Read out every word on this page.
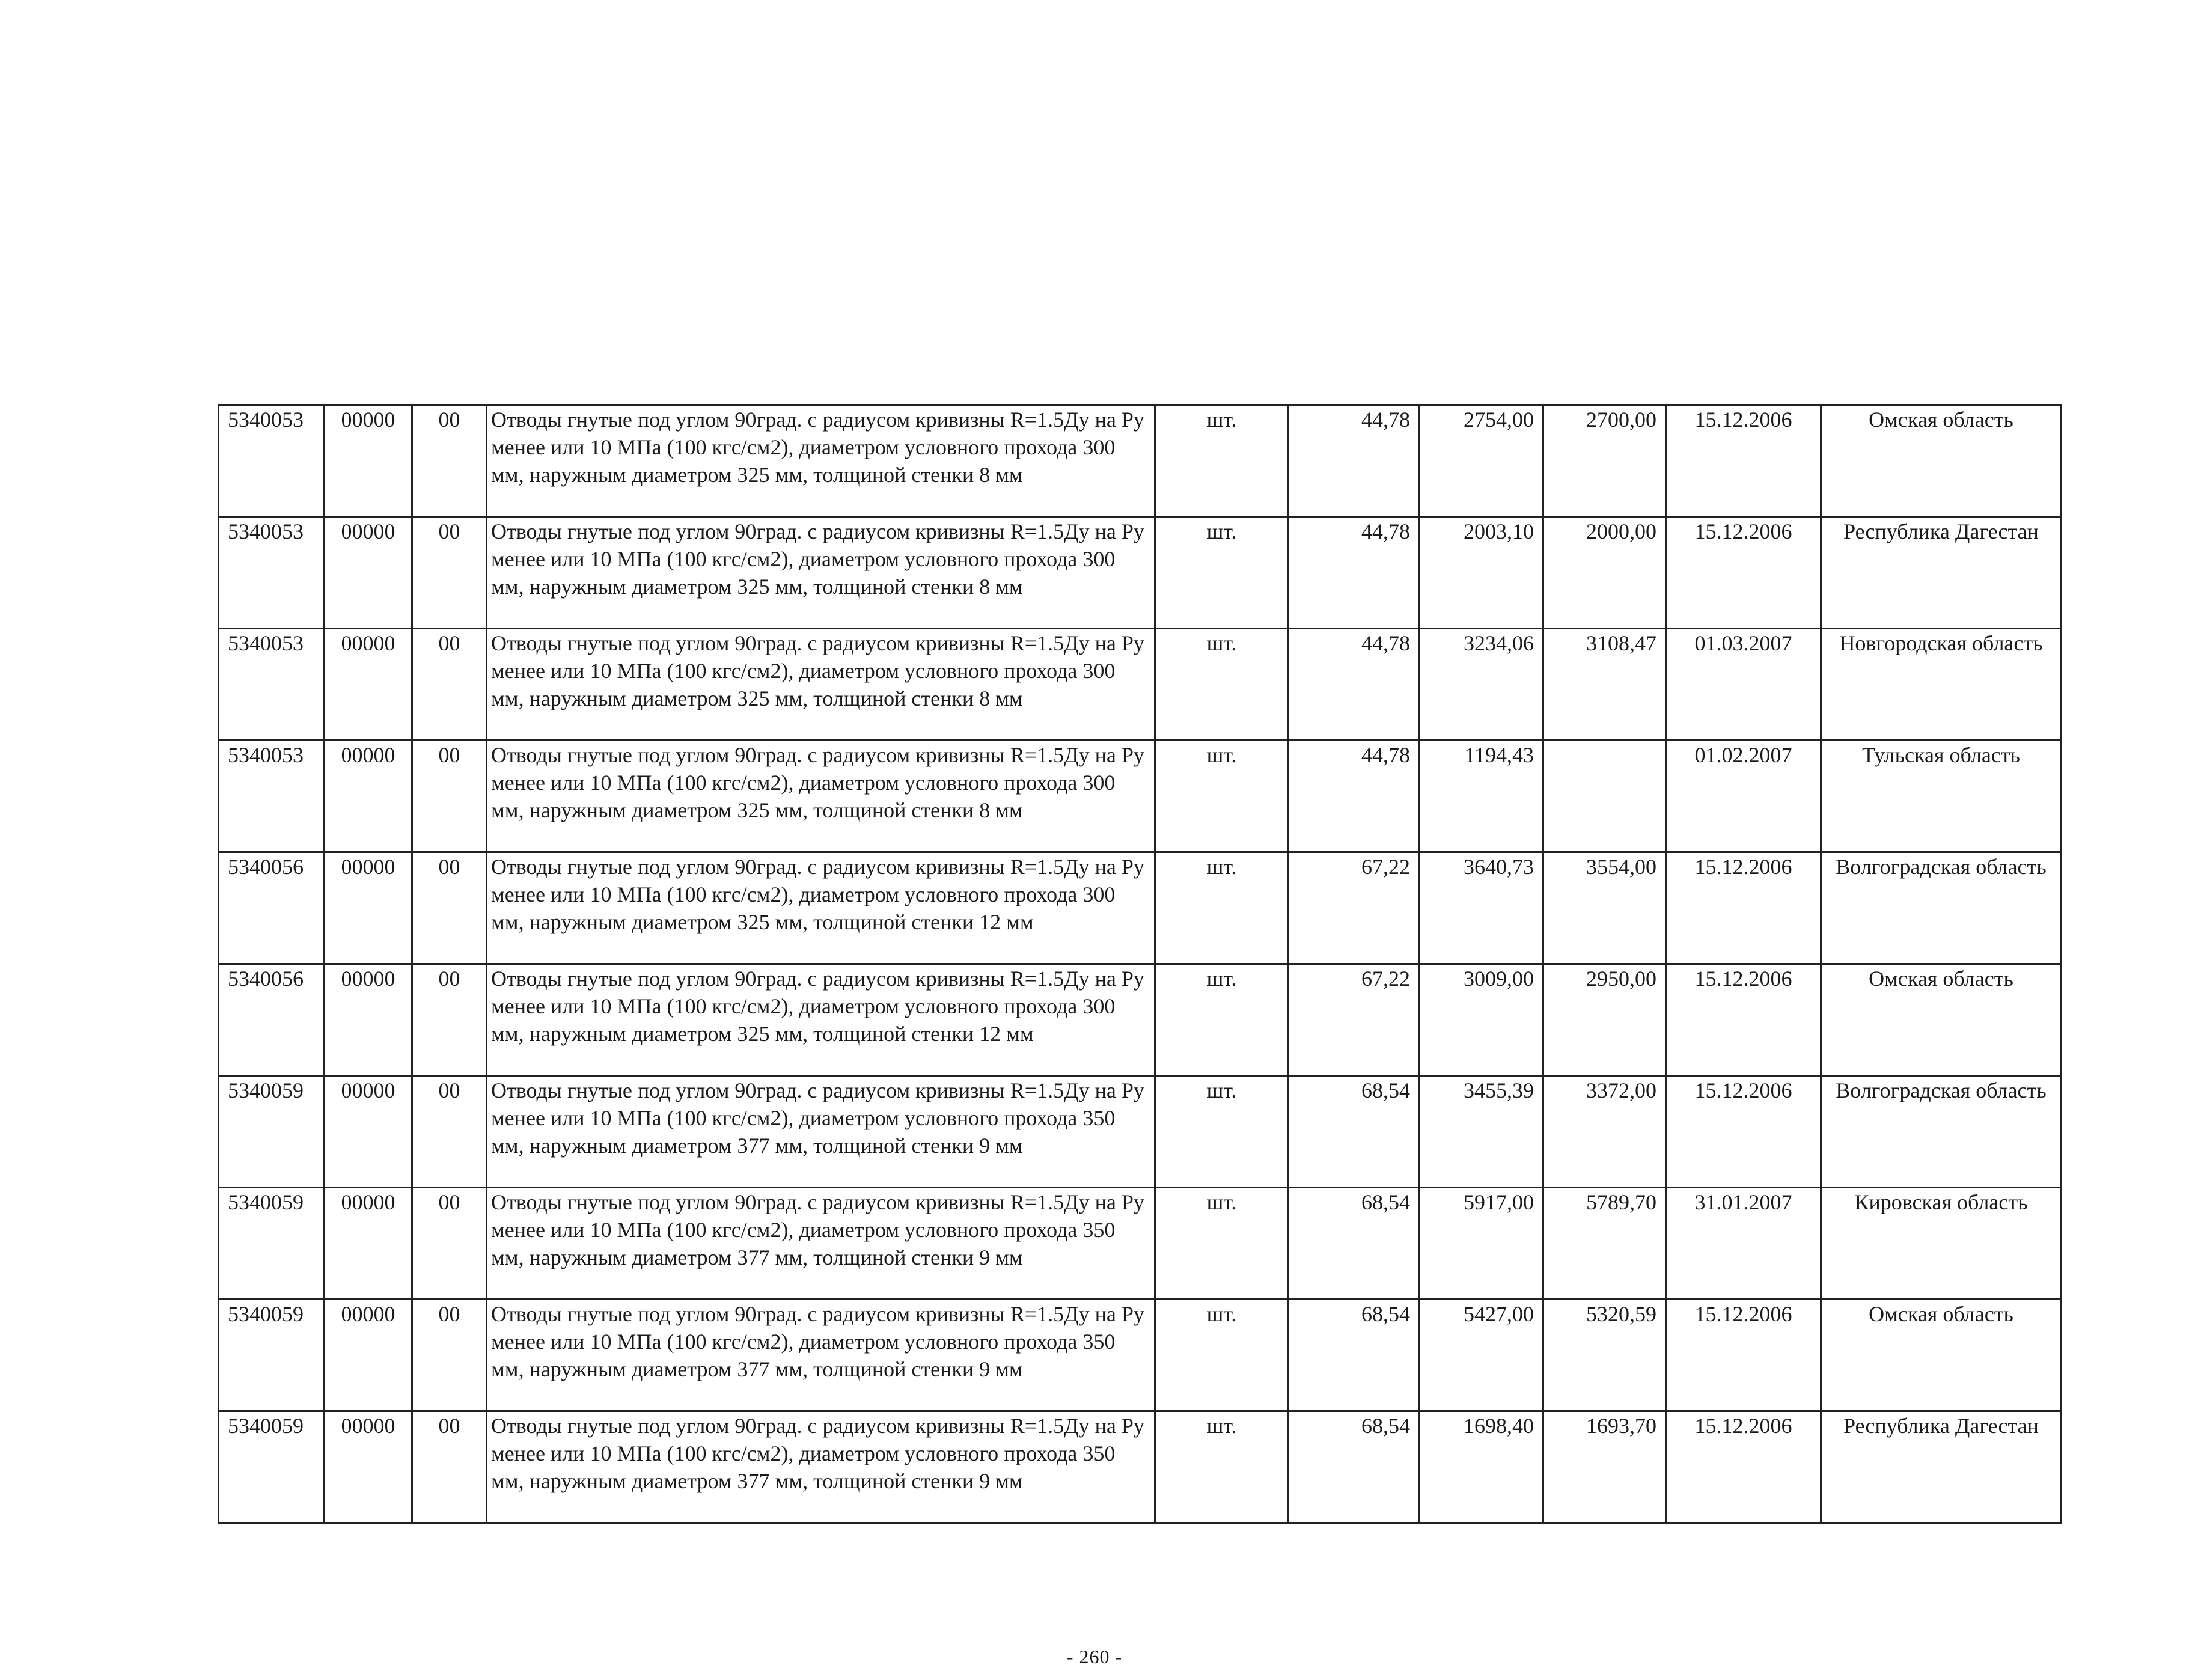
5340053	00000	00	Отводы гнутые под углом 90град. с радиусом кривизны R=1.5Ду на Ру менее или 10 МПа (100 кгс/см2), диаметром условного прохода 300 мм, наружным диаметром 325 мм, толщиной стенки 8 мм	шт.	44,78	2754,00	2700,00	15.12.2006	Омская область
5340053	00000	00	Отводы гнутые под углом 90град. с радиусом кривизны R=1.5Ду на Ру менее или 10 МПа (100 кгс/см2), диаметром условного прохода 300 мм, наружным диаметром 325 мм, толщиной стенки 8 мм	шт.	44,78	2003,10	2000,00	15.12.2006	Республика Дагестан
5340053	00000	00	Отводы гнутые под углом 90град. с радиусом кривизны R=1.5Ду на Ру менее или 10 МПа (100 кгс/см2), диаметром условного прохода 300 мм, наружным диаметром 325 мм, толщиной стенки 8 мм	шт.	44,78	3234,06	3108,47	01.03.2007	Новгородская область
5340053	00000	00	Отводы гнутые под углом 90град. с радиусом кривизны R=1.5Ду на Ру менее или 10 МПа (100 кгс/см2), диаметром условного прохода 300 мм, наружным диаметром 325 мм, толщиной стенки 8 мм	шт.	44,78	1194,43		01.02.2007	Тульская область
5340056	00000	00	Отводы гнутые под углом 90град. с радиусом кривизны R=1.5Ду на Ру менее или 10 МПа (100 кгс/см2), диаметром условного прохода 300 мм, наружным диаметром 325 мм, толщиной стенки 12 мм	шт.	67,22	3640,73	3554,00	15.12.2006	Волгоградская область
5340056	00000	00	Отводы гнутые под углом 90град. с радиусом кривизны R=1.5Ду на Ру менее или 10 МПа (100 кгс/см2), диаметром условного прохода 300 мм, наружным диаметром 325 мм, толщиной стенки 12 мм	шт.	67,22	3009,00	2950,00	15.12.2006	Омская область
5340059	00000	00	Отводы гнутые под углом 90град. с радиусом кривизны R=1.5Ду на Ру менее или 10 МПа (100 кгс/см2), диаметром условного прохода 350 мм, наружным диаметром 377 мм, толщиной стенки 9 мм	шт.	68,54	3455,39	3372,00	15.12.2006	Волгоградская область
5340059	00000	00	Отводы гнутые под углом 90град. с радиусом кривизны R=1.5Ду на Ру менее или 10 МПа (100 кгс/см2), диаметром условного прохода 350 мм, наружным диаметром 377 мм, толщиной стенки 9 мм	шт.	68,54	5917,00	5789,70	31.01.2007	Кировская область
5340059	00000	00	Отводы гнутые под углом 90град. с радиусом кривизны R=1.5Ду на Ру менее или 10 МПа (100 кгс/см2), диаметром условного прохода 350 мм, наружным диаметром 377 мм, толщиной стенки 9 мм	шт.	68,54	5427,00	5320,59	15.12.2006	Омская область
5340059	00000	00	Отводы гнутые под углом 90град. с радиусом кривизны R=1.5Ду на Ру менее или 10 МПа (100 кгс/см2), диаметром условного прохода 350 мм, наружным диаметром 377 мм, толщиной стенки 9 мм	шт.	68,54	1698,40	1693,70	15.12.2006	Республика Дагестан
- 260 -
